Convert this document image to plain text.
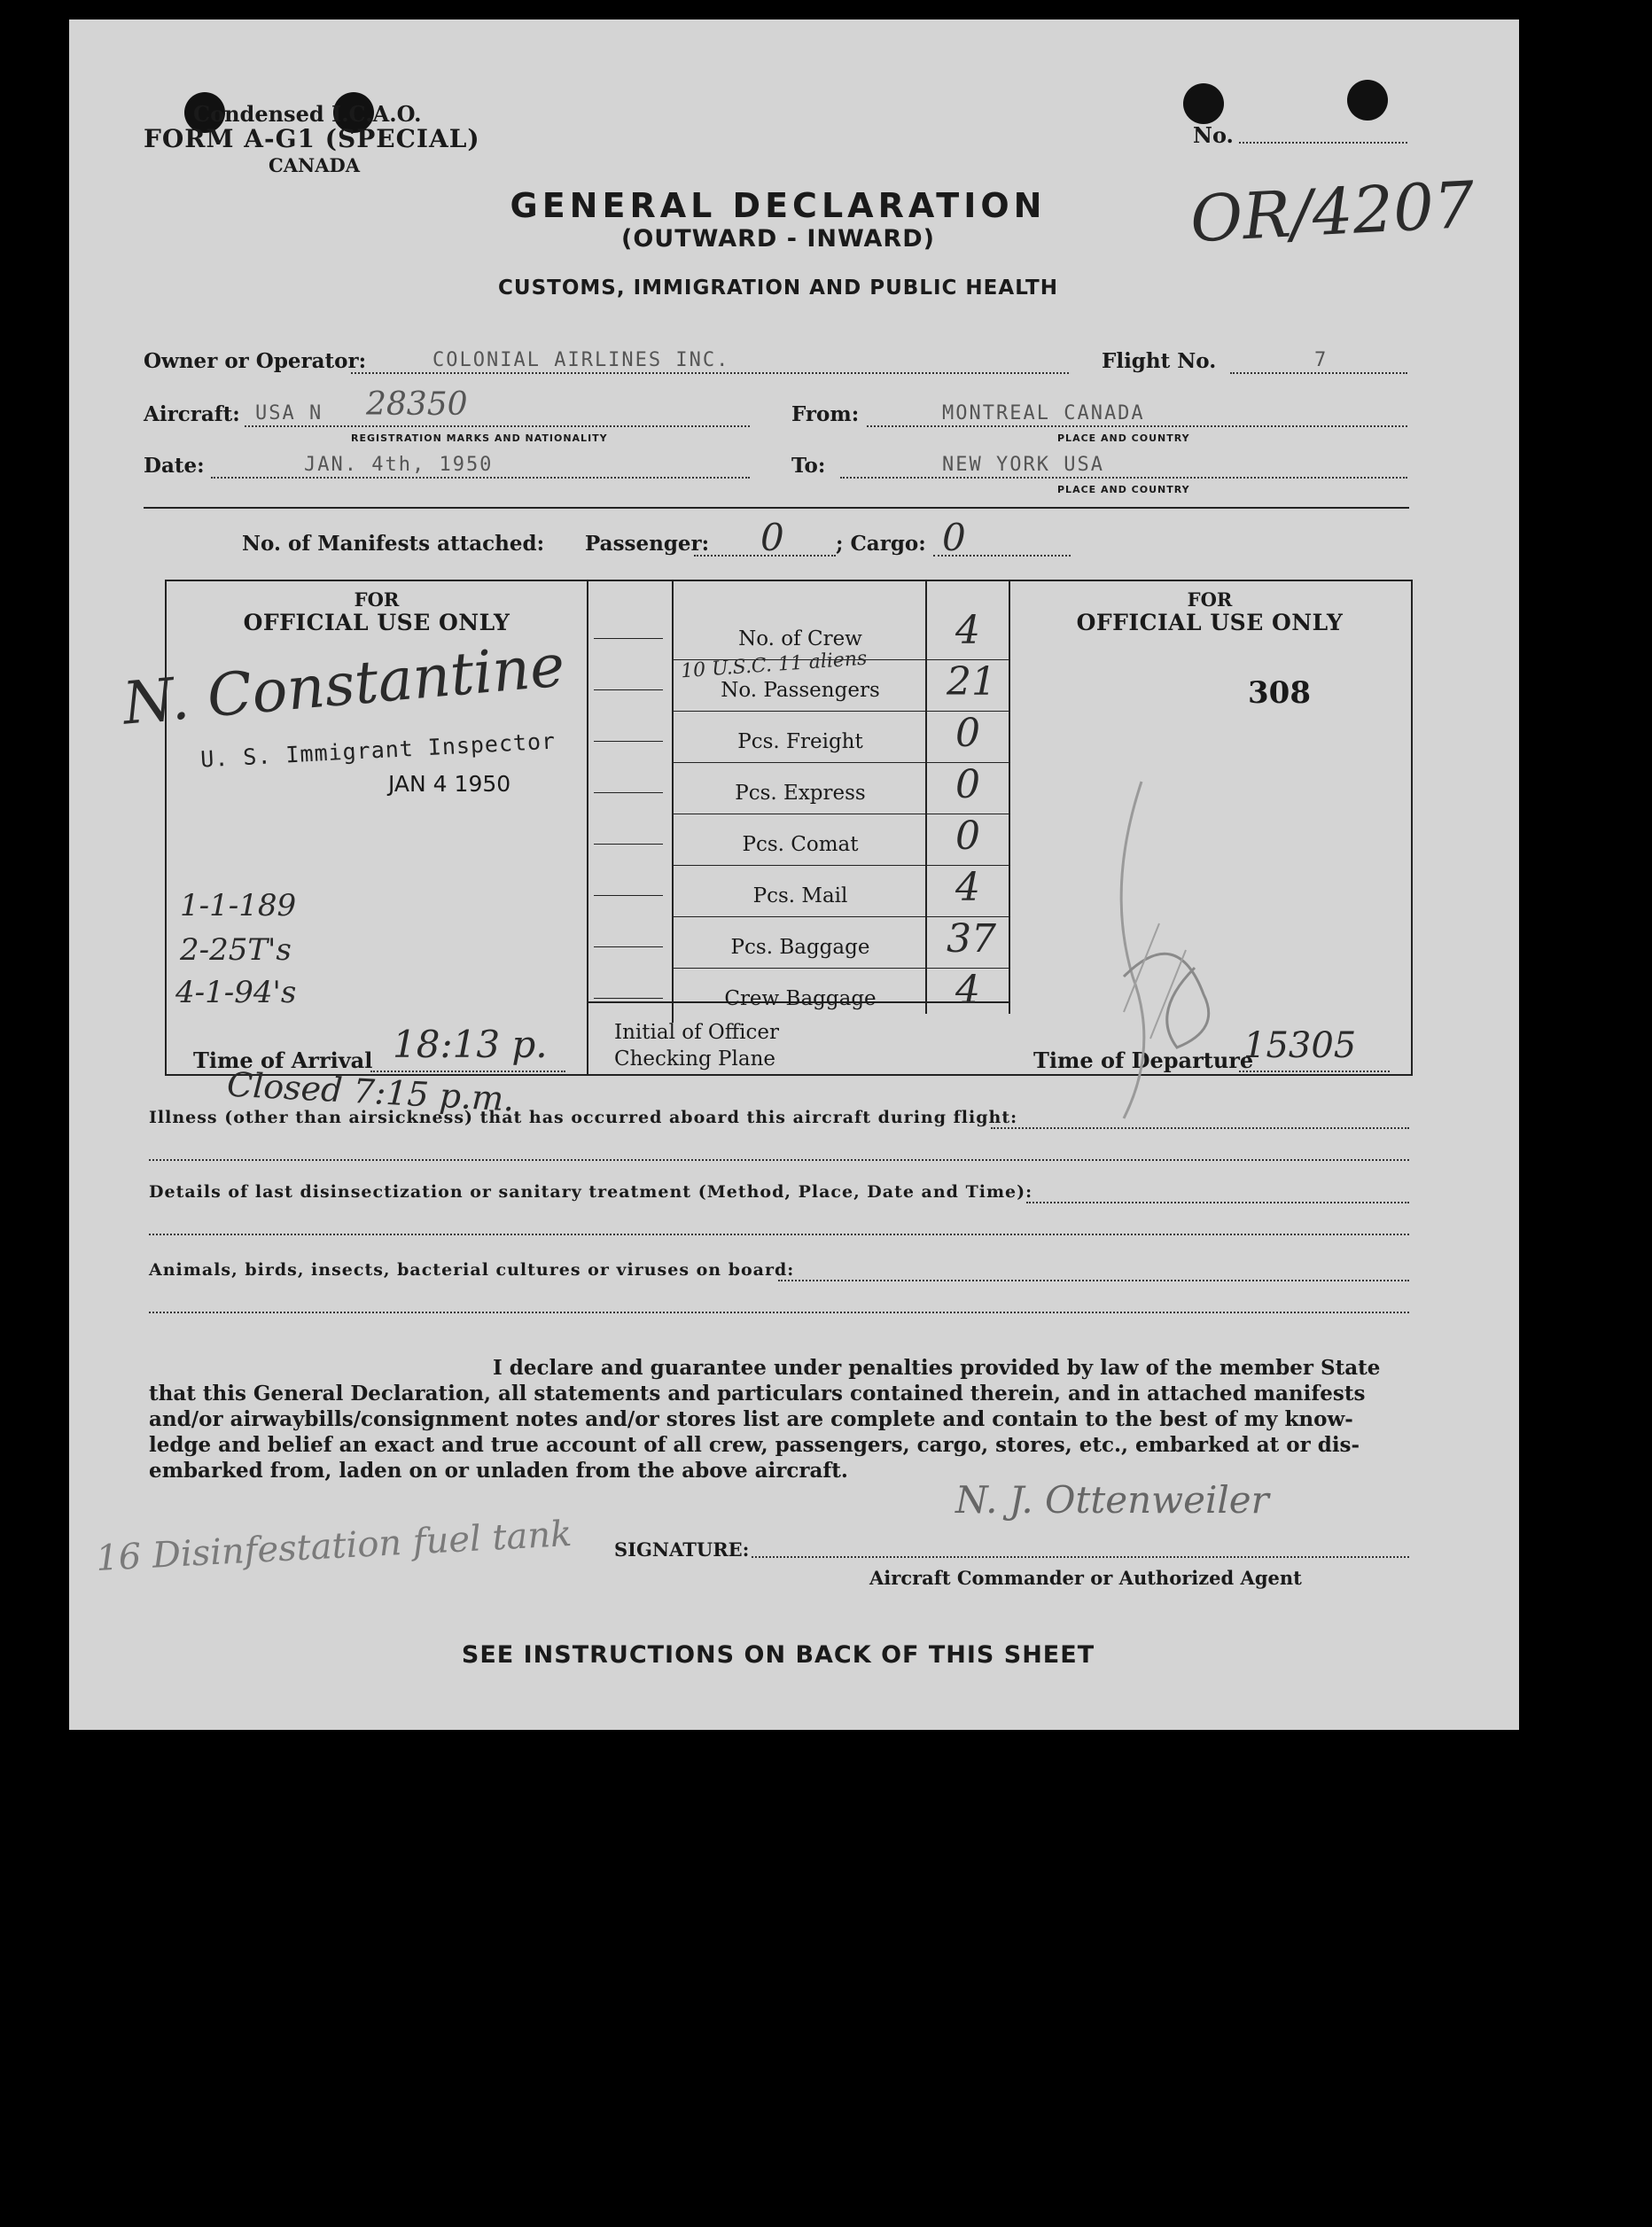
Condensed I.C.A.O.
FORM A-G1 (SPECIAL)
CANADA
No.
GENERAL DECLARATION
(OUTWARD - INWARD)
CUSTOMS, IMMIGRATION AND PUBLIC HEALTH
OR/4207
Owner or Operator:	COLONIAL AIRLINES INC.	Flight No.	7
Aircraft: USA N 28350
REGISTRATION MARKS AND NATIONALITY
From:	MONTREAL CANADA
PLACE AND COUNTRY
Date:	JAN. 4th, 1950	To:	NEW YORK USA
PLACE AND COUNTRY
No. of Manifests attached: Passenger: 0	; Cargo: 0
FOR
OFFICIAL USE ONLY
N. Constantine
U. S. Immigrant Inspector
JAN 4 1950
1-1-189
2-25T's
4-1-94's
Time of Arrival 18:13 p.
Closed 7:15 p.m.
No. of Crew	4
10 U.S.C. 11 aliens
No. Passengers	21
Pcs. Freight	0
Pcs. Express	0
Pcs. Comat	0
Pcs. Mail	4
Pcs. Baggage	37
Crew Baggage	4
Initial of Officer
Checking Plane
FOR
OFFICIAL USE ONLY
308
Time of Departure
15305
Illness (other than airsickness) that has occurred aboard this aircraft during flight:
Details of last disinsectization or sanitary treatment (Method, Place, Date and Time):
Animals, birds, insects, bacterial cultures or viruses on board:
I declare and guarantee under penalties provided by law of the member State
that this General Declaration, all statements and particulars contained therein, and in attached manifests
and/or airwaybills/consignment notes and/or stores list are complete and contain to the best of my know-
ledge and belief an exact and true account of all crew, passengers, cargo, stores, etc., embarked at or dis-
embarked from, laden on or unladen from the above aircraft.
N. J. Ottenweiler
SIGNATURE:
Aircraft Commander or Authorized Agent
16 Disinfestation fuel tank
SEE INSTRUCTIONS ON BACK OF THIS SHEET
